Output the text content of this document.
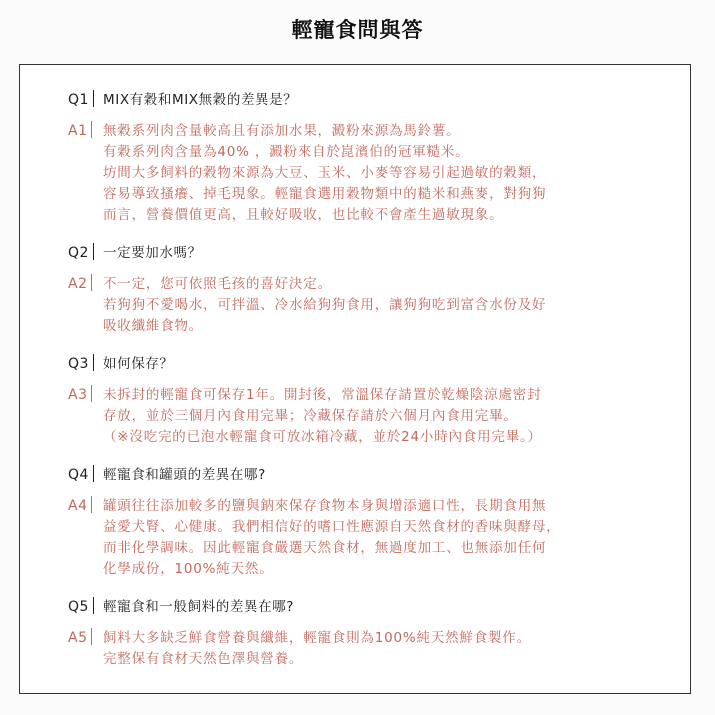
輕寵食問與答
Q1	MIX有穀和MIX無穀的差異是？
A1	無穀系列肉含量較高且有添加水果，澱粉來源為馬鈴薯。
有穀系列肉含量為40% ，澱粉來自於崑濱伯的冠軍糙米。
坊間大多飼料的穀物來源為大豆、玉米、小麥等容易引起過敏的穀類，
容易導致搔癢、掉毛現象。輕寵食選用穀物類中的糙米和燕麥，對狗狗
而言，營養價值更高，且較好吸收，也比較不會產生過敏現象。
Q2	一定要加水嗎？
A2	不一定，您可依照毛孩的喜好決定。
若狗狗不愛喝水，可拌溫、冷水給狗狗食用，讓狗狗吃到富含水份及好
吸收纖維食物。
Q3	如何保存？
A3	未拆封的輕寵食可保存1年。開封後，常溫保存請置於乾燥陰涼處密封
存放，並於三個月內食用完畢；冷藏保存請於六個月內食用完畢。
（※沒吃完的已泡水輕寵食可放冰箱冷藏，並於24小時內食用完畢。）
Q4	輕寵食和罐頭的差異在哪?
A4	罐頭往往添加較多的鹽與鈉來保存食物本身與增添適口性，長期食用無
益愛犬腎、心健康。我們相信好的嗜口性應源自天然食材的香味與酵母，
而非化學調味。因此輕寵食嚴選天然食材，無過度加工、也無添加任何
化學成份，100%純天然。
Q5	輕寵食和一般飼料的差異在哪?
A5	飼料大多缺乏鮮食營養與纖維，輕寵食則為100%純天然鮮食製作。
完整保有食材天然色澤與營養。
